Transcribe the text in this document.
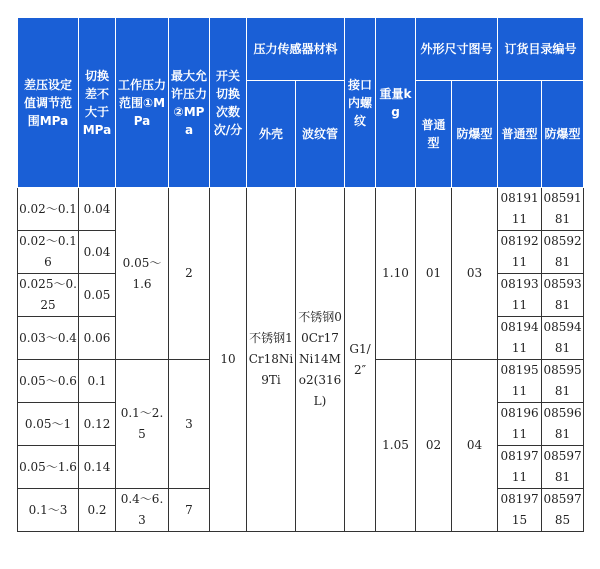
差压设定值调节范围MPa	切换差不大于MPa	工作压力范围①MPa	最大允许压力②MPa	开关切换次数次/分	压力传感器材料		接口内螺纹	重量kg	外形尺寸图号		订货目录编号	
					外壳	波纹管			普通型	防爆型	普通型	防爆型
0.02～0.1	0.04	0.05～1.6	2	10	不锈钢1Cr18Ni9Ti	不锈钢00Cr17Ni14Mo2(316L)	G1/2″	1.10	01	03	0819111	0859181
0.02～0.16	0.04										0819211	0859281
0.025～0.25	0.05										0819311	0859381
0.03～0.4	0.06										0819411	0859481
0.05～0.6	0.1	0.1～2.5	3					1.05	02	04	0819511	0859581
0.05～1	0.12										0819611	0859681
0.05～1.6	0.14										0819711	0859781
0.1～3	0.2	0.4～6.3	7								0819715	0859785
